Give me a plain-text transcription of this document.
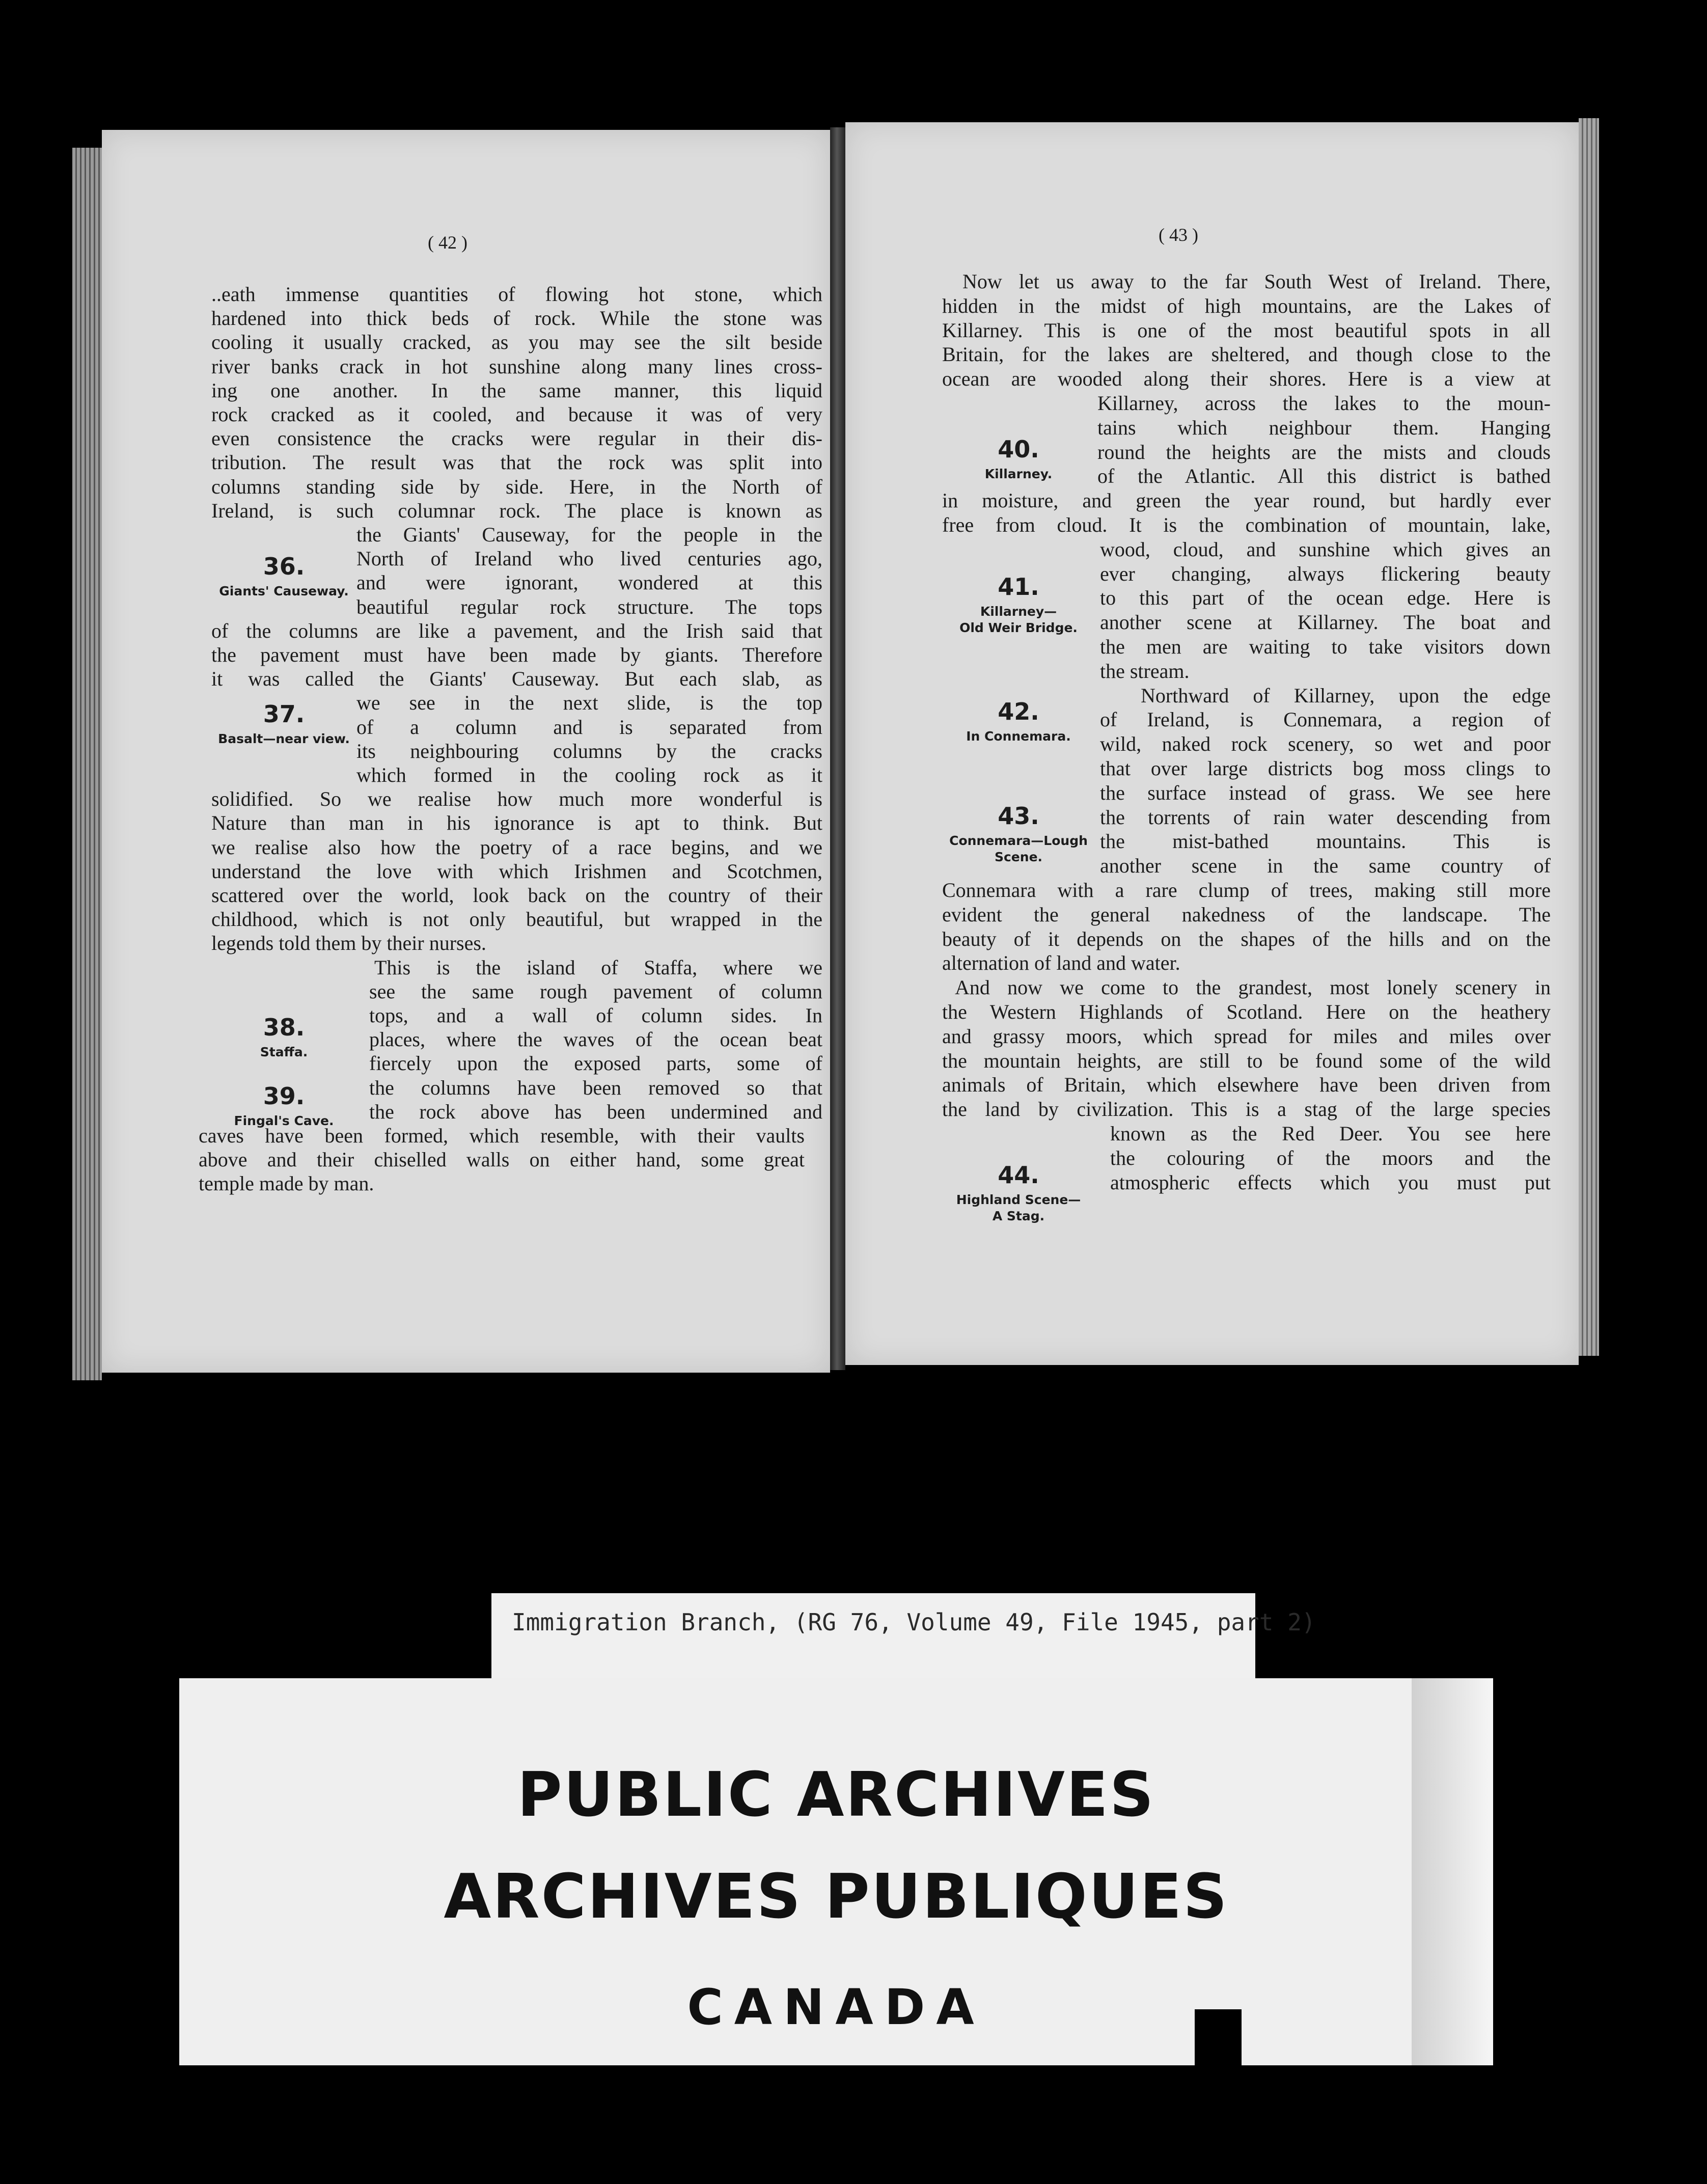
( 42 )
..eath immense quantities of flowing hot stone, which
hardened into thick beds of rock. While the stone was
cooling it usually cracked, as you may see the silt beside
river banks crack in hot sunshine along many lines cross-
ing one another. In the same manner, this liquid
rock cracked as it cooled, and because it was of very
even consistence the cracks were regular in their dis-
tribution. The result was that the rock was split into
columns standing side by side. Here, in the North of
Ireland, is such columnar rock. The place is known as
the Giants' Causeway, for the people in the
North of Ireland who lived centuries ago,
and were ignorant, wondered at this
beautiful regular rock structure. The tops
of the columns are like a pavement, and the Irish said that
the pavement must have been made by giants. Therefore
it was called the Giants' Causeway. But each slab, as
we see in the next slide, is the top
of a column and is separated from
its neighbouring columns by the cracks
which formed in the cooling rock as it
solidified. So we realise how much more wonderful is
Nature than man in his ignorance is apt to think. But
we realise also how the poetry of a race begins, and we
understand the love with which Irishmen and Scotchmen,
scattered over the world, look back on the country of their
childhood, which is not only beautiful, but wrapped in the
legends told them by their nurses.
This is the island of Staffa, where we
see the same rough pavement of column
tops, and a wall of column sides. In
places, where the waves of the ocean beat
fiercely upon the exposed parts, some of
the columns have been removed so that
the rock above has been undermined and
caves have been formed, which resemble, with their vaults
above and their chiselled walls on either hand, some great
temple made by man.
36.
Giants' Causeway.
37.
Basalt—near view.
38.
Staffa.
39.
Fingal's Cave.
( 43 )
Now let us away to the far South West of Ireland. There,
hidden in the midst of high mountains, are the Lakes of
Killarney. This is one of the most beautiful spots in all
Britain, for the lakes are sheltered, and though close to the
ocean are wooded along their shores. Here is a view at
Killarney, across the lakes to the moun-
tains which neighbour them. Hanging
round the heights are the mists and clouds
of the Atlantic. All this district is bathed
in moisture, and green the year round, but hardly ever
free from cloud. It is the combination of mountain, lake,
wood, cloud, and sunshine which gives an
ever changing, always flickering beauty
to this part of the ocean edge. Here is
another scene at Killarney. The boat and
the men are waiting to take visitors down
the stream.
Northward of Killarney, upon the edge
of Ireland, is Connemara, a region of
wild, naked rock scenery, so wet and poor
that over large districts bog moss clings to
the surface instead of grass. We see here
the torrents of rain water descending from
the mist-bathed mountains. This is
another scene in the same country of
Connemara with a rare clump of trees, making still more
evident the general nakedness of the landscape. The
beauty of it depends on the shapes of the hills and on the
alternation of land and water.
And now we come to the grandest, most lonely scenery in
the Western Highlands of Scotland. Here on the heathery
and grassy moors, which spread for miles and miles over
the mountain heights, are still to be found some of the wild
animals of Britain, which elsewhere have been driven from
the land by civilization. This is a stag of the large species
known as the Red Deer. You see here
the colouring of the moors and the
atmospheric effects which you must put
40.
Killarney.
41.
Killarney—
Old Weir Bridge.
42.
In Connemara.
43.
Connemara—Lough
Scene.
44.
Highland Scene—
A Stag.
Immigration Branch, (RG 76, Volume 49, File 1945, part 2)
PUBLIC ARCHIVES
ARCHIVES PUBLIQUES
CANADA
